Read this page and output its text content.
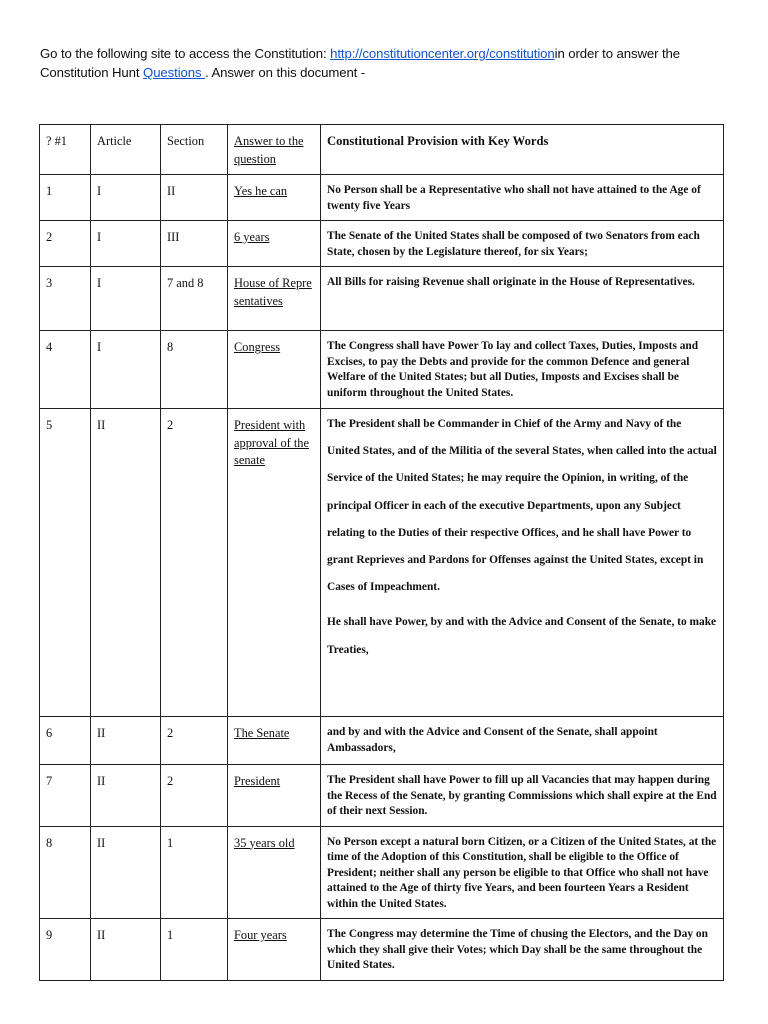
Go to the following site to access the Constitution: http://constitutioncenter.org/constitutionin order to answer the Constitution Hunt Questions . Answer on this document -
? #1	Article	Section	Answer to the question	Constitutional Provision with Key Words
1	I	II	Yes he can	No Person shall be a Representative who shall not have attained to the Age of twenty five Years
2	I	III	6 years	The Senate of the United States shall be composed of two Senators from each State, chosen by the Legislature thereof, for six Years;
3	I	7 and 8	House of Representatives	All Bills for raising Revenue shall originate in the House of Representatives.
4	I	8	Congress	The Congress shall have Power To lay and collect Taxes, Duties, Imposts and Excises, to pay the Debts and provide for the common Defence and general Welfare of the United States; but all Duties, Imposts and Excises shall be uniform throughout the United States.
5	II	2	President with approval of the senate	The President shall be Commander in Chief of the Army and Navy of the United States, and of the Militia of the several States, when called into the actual Service of the United States; he may require the Opinion, in writing, of the principal Officer in each of the executive Departments, upon any Subject relating to the Duties of their respective Offices, and he shall have Power to grant Reprieves and Pardons for Offenses against the United States, except in Cases of Impeachment.

He shall have Power, by and with the Advice and Consent of the Senate, to make Treaties,

6	II	2	The Senate	and by and with the Advice and Consent of the Senate, shall appoint Ambassadors,
7	II	2	President	The President shall have Power to fill up all Vacancies that may happen during the Recess of the Senate, by granting Commissions which shall expire at the End of their next Session.
8	II	1	35 years old	No Person except a natural born Citizen, or a Citizen of the United States, at the time of the Adoption of this Constitution, shall be eligible to the Office of President; neither shall any person be eligible to that Office who shall not have attained to the Age of thirty five Years, and been fourteen Years a Resident within the United States.
9	II	1	Four years	The Congress may determine the Time of chusing the Electors, and the Day on which they shall give their Votes; which Day shall be the same throughout the United States.
